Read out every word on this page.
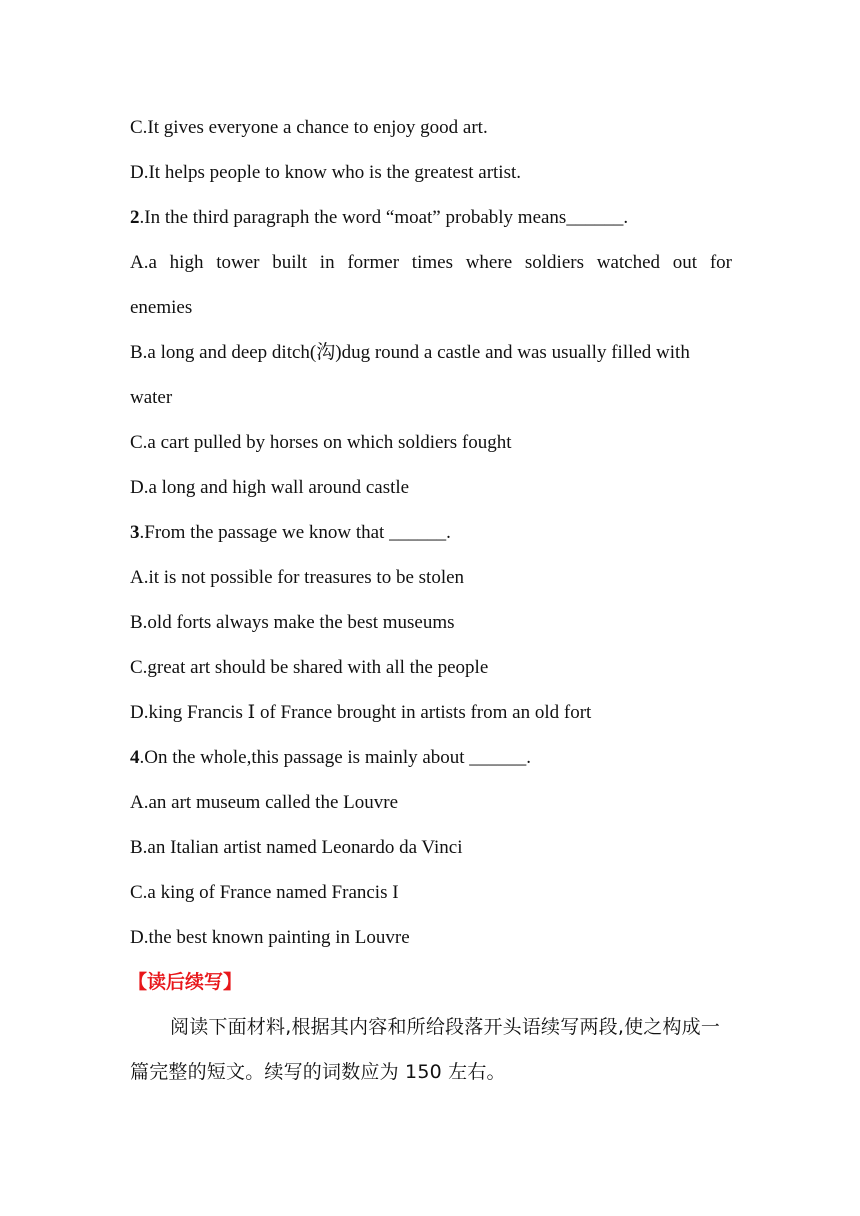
C.It gives everyone a chance to enjoy good art.
D.It helps people to know who is the greatest artist.
2.In the third paragraph the word “moat” probably means______.
A.a high tower built in former times where soldiers watched out for
enemies
B.a long and deep ditch(沟)dug round a castle and was usually filled with
water
C.a cart pulled by horses on which soldiers fought
D.a long and high wall around castle
3.From the passage we know that ______.
A.it is not possible for treasures to be stolen
B.old forts always make the best museums
C.great art should be shared with all the people
D.king Francis Ⅰ of France brought in artists from an old fort
4.On the whole,this passage is mainly about ______.
A.an art museum called the Louvre
B.an Italian artist named Leonardo da Vinci
C.a king of France named Francis I
D.the best known painting in Louvre
【读后续写】
阅读下面材料,根据其内容和所给段落开头语续写两段,使之构成一篇完整的短文。续写的词数应为 150 左右。
